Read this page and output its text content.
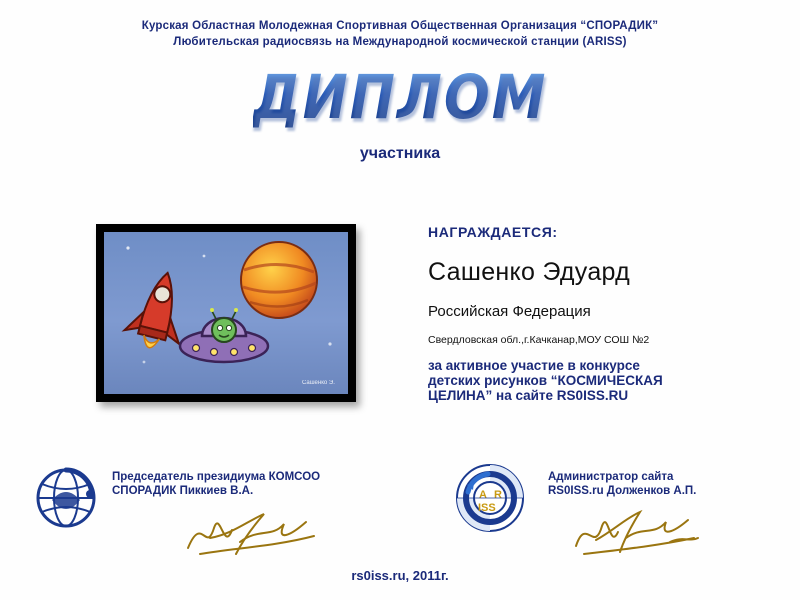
Курская Областная Молодежная Спортивная Общественная Организация “СПОРАДИК”
Любительская радиосвязь на Международной космической станции (ARISS)
ДИПЛОМ
участника
Сашенко Э.
НАГРАЖДАЕТСЯ:
Сашенко Эдуард
Российская Федерация
Свердловская обл.,г.Качканар,МОУ СОШ №2
за активное участие в конкурсе
детских рисунков “КОСМИЧЕСКАЯ
ЦЕЛИНА” на сайте RS0ISS.RU
Председатель президиума КОМСОО
СПОРАДИК Пиккиев В.А.	A R
ISS
Администратор сайта
RS0ISS.ru Долженков А.П.
rs0iss.ru, 2011г.
